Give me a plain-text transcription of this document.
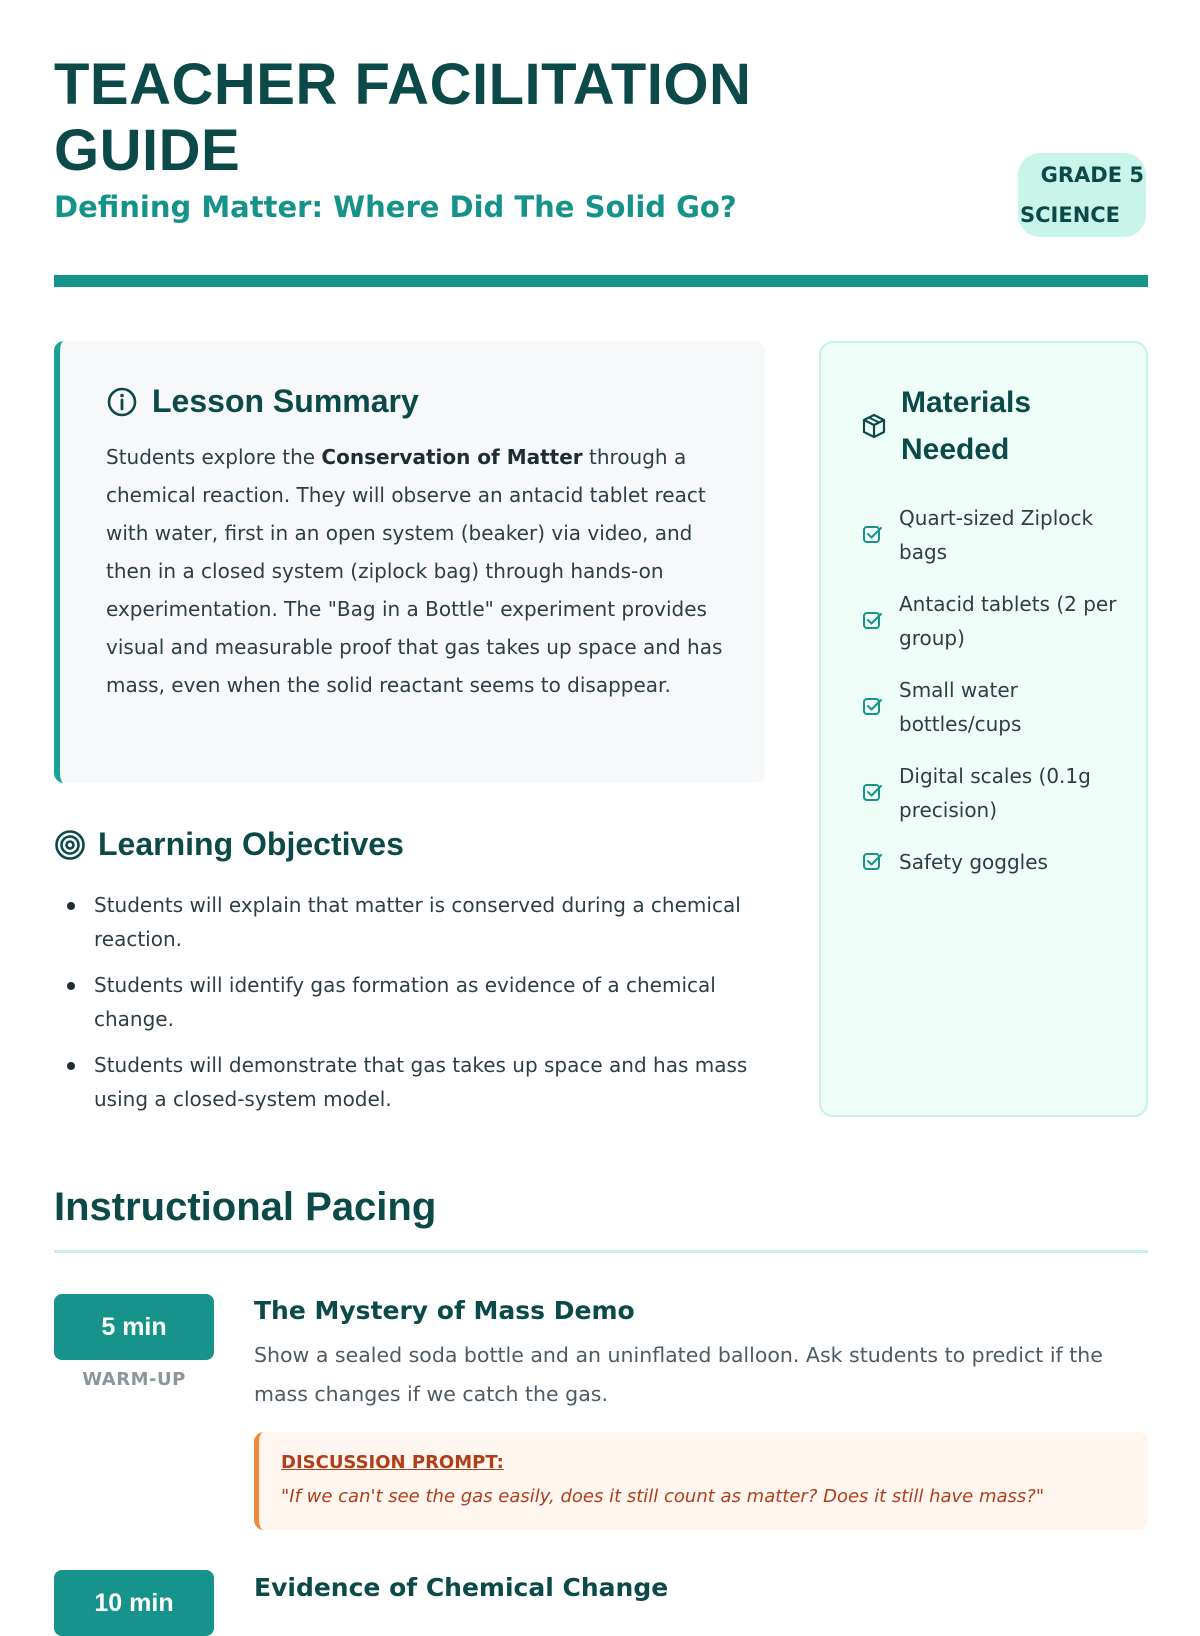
TEACHER FACILITATION GUIDE
Defining Matter: Where Did The Solid Go?
GRADE 5
SCIENCE
Lesson Summary

Students explore the Conservation of Matter through a chemical reaction. They will observe an antacid tablet react with water, first in an open system (beaker) via video, and then in a closed system (ziplock bag) through hands-on experimentation. The "Bag in a Bottle" experiment provides visual and measurable proof that gas takes up space and has mass, even when the solid reactant seems to disappear.

Learning Objectives
Students will explain that matter is conserved during a chemical reaction.
Students will identify gas formation as evidence of a chemical change.
Students will demonstrate that gas takes up space and has mass using a closed-system model.
Materials
Needed
Quart-sized Ziplock bags
Antacid tablets (2 per group)
Small water bottles/cups
Digital scales (0.1g precision)
Safety goggles
Instructional Pacing
5 min
WARM-UP
The Mystery of Mass Demo

Show a sealed soda bottle and an uninflated balloon. Ask students to predict if the mass changes if we catch the gas.

DISCUSSION PROMPT:
"If we can't see the gas easily, does it still count as matter? Does it still have mass?"
10 min
Evidence of Chemical Change
